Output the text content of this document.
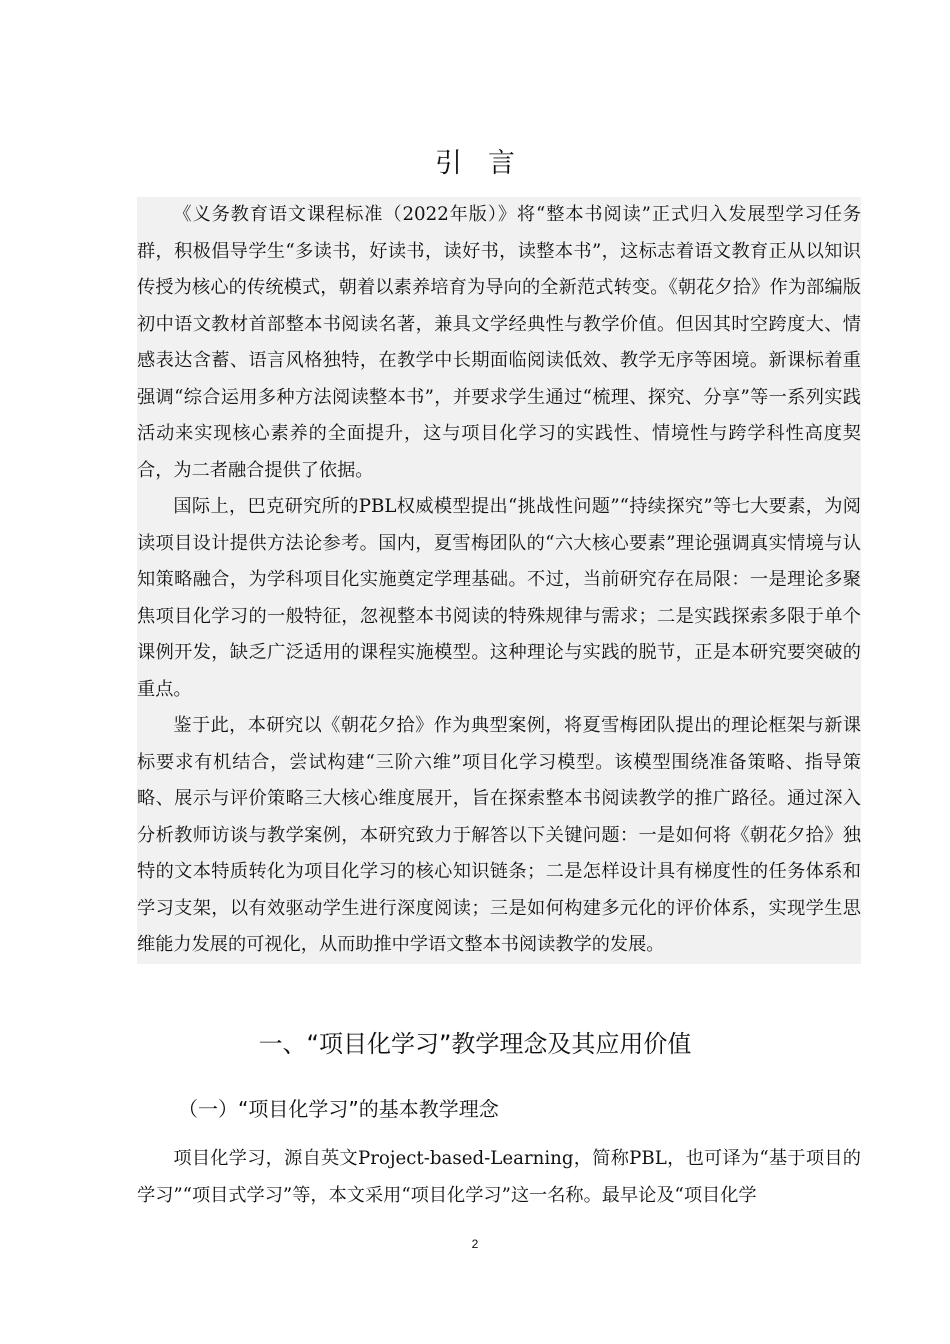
引言

《义务教育语文课程标准（2022年版）》将“整本书阅读”正式归入发展型学习任务群，积极倡导学生“多读书，好读书，读好书，读整本书”，这标志着语文教育正从以知识传授为核心的传统模式，朝着以素养培育为导向的全新范式转变。《朝花夕拾》作为部编版初中语文教材首部整本书阅读名著，兼具文学经典性与教学价值。但因其时空跨度大、情感表达含蓄、语言风格独特，在教学中长期面临阅读低效、教学无序等困境。新课标着重强调“综合运用多种方法阅读整本书”，并要求学生通过“梳理、探究、分享”等一系列实践活动来实现核心素养的全面提升，这与项目化学习的实践性、情境性与跨学科性高度契合，为二者融合提供了依据。

国际上，巴克研究所的PBL权威模型提出“挑战性问题”“持续探究”等七大要素，为阅读项目设计提供方法论参考。国内，夏雪梅团队的“六大核心要素”理论强调真实情境与认知策略融合，为学科项目化实施奠定学理基础。不过，当前研究存在局限：一是理论多聚焦项目化学习的一般特征，忽视整本书阅读的特殊规律与需求；二是实践探索多限于单个课例开发，缺乏广泛适用的课程实施模型。这种理论与实践的脱节，正是本研究要突破的重点。

鉴于此，本研究以《朝花夕拾》作为典型案例，将夏雪梅团队提出的理论框架与新课标要求有机结合，尝试构建“三阶六维”项目化学习模型。该模型围绕准备策略、指导策略、展示与评价策略三大核心维度展开，旨在探索整本书阅读教学的推广路径。通过深入分析教师访谈与教学案例，本研究致力于解答以下关键问题：一是如何将《朝花夕拾》独特的文本特质转化为项目化学习的核心知识链条；二是怎样设计具有梯度性的任务体系和学习支架，以有效驱动学生进行深度阅读；三是如何构建多元化的评价体系，实现学生思维能力发展的可视化，从而助推中学语文整本书阅读教学的发展。

一、“项目化学习”教学理念及其应用价值
（一）“项目化学习”的基本教学理念

项目化学习，源自英文Project-based-Learning，简称PBL，也可译为“基于项目的学习”“项目式学习”等，本文采用“项目化学习”这一名称。最早论及“项目化学

2
